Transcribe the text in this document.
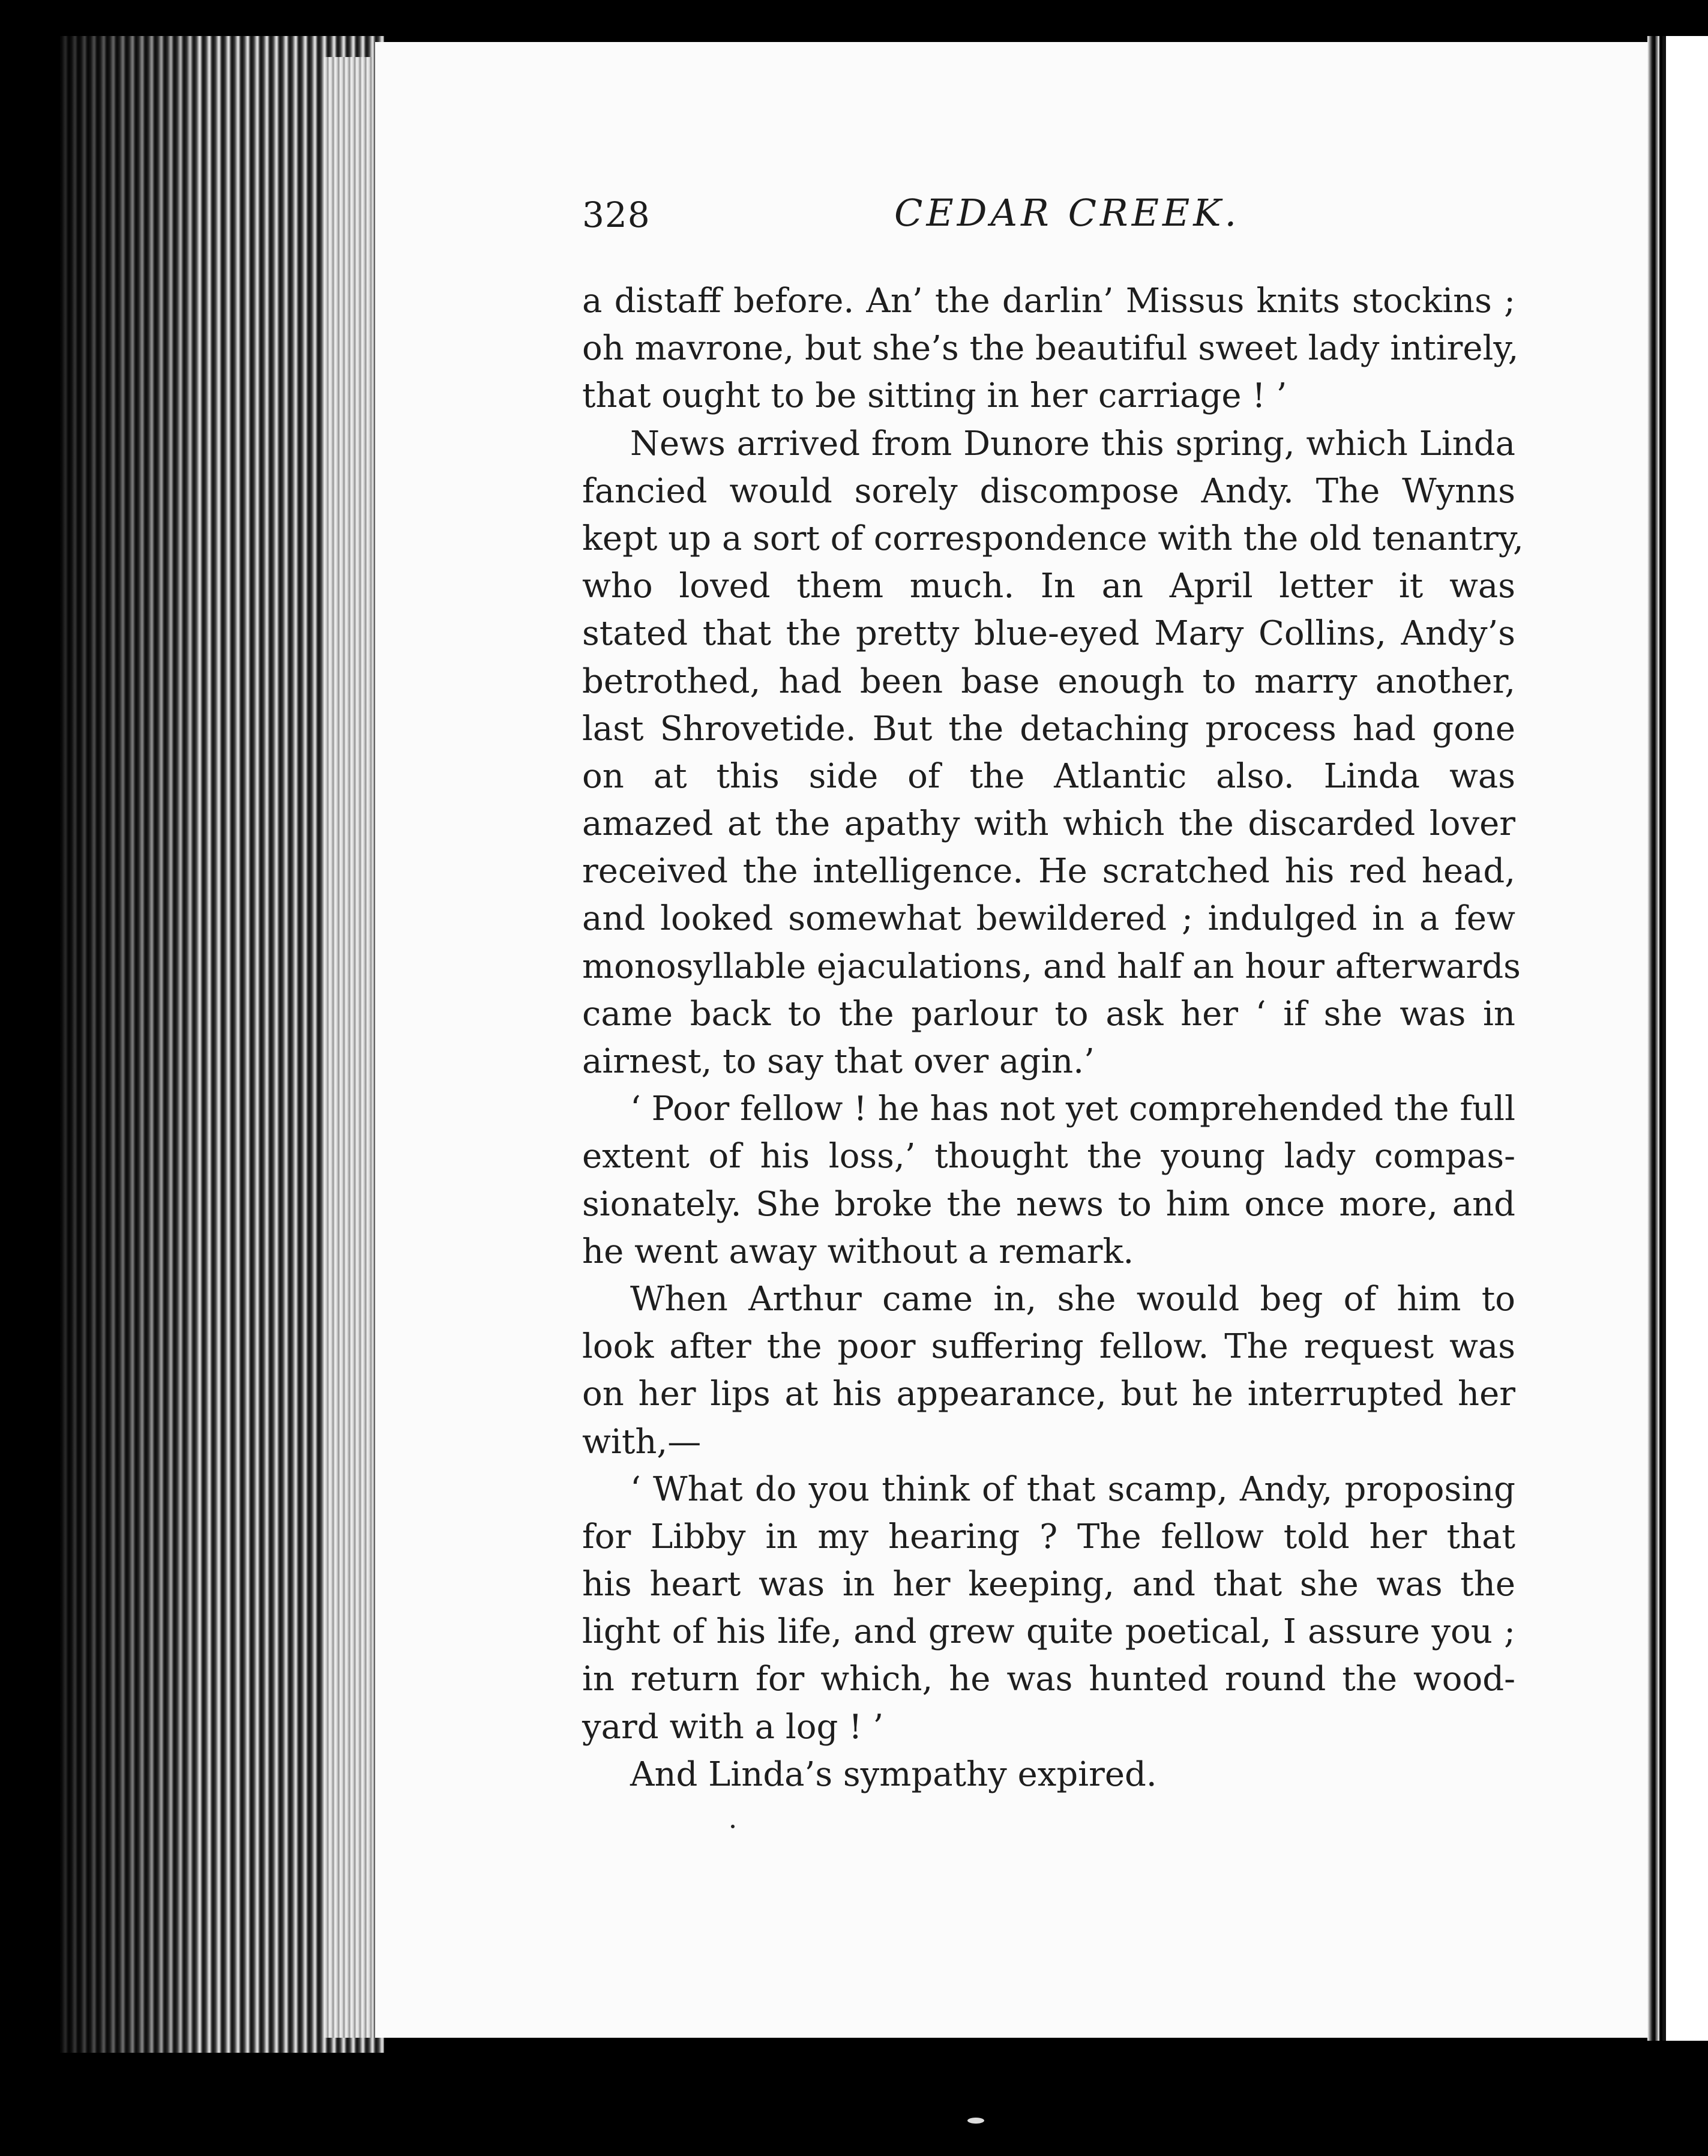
328	CEDAR CREEK.
a distaff before. An’ the darlin’ Missus knits stockins ;
oh mavrone, but she’s the beautiful sweet lady intirely,
that ought to be sitting in her carriage ! ’
News arrived from Dunore this spring, which Linda
fancied would sorely discompose Andy. The Wynns
kept up a sort of correspondence with the old tenantry,
who loved them much. In an April letter it was
stated that the pretty blue-eyed Mary Collins, Andy’s
betrothed, had been base enough to marry another,
last Shrovetide. But the detaching process had gone
on at this side of the Atlantic also. Linda was
amazed at the apathy with which the discarded lover
received the intelligence. He scratched his red head,
and looked somewhat bewildered ; indulged in a few
monosyllable ejaculations, and half an hour afterwards
came back to the parlour to ask her ‘ if she was in
airnest, to say that over agin.’
‘ Poor fellow ! he has not yet comprehended the full
extent of his loss,’ thought the young lady compas-
sionately. She broke the news to him once more, and
he went away without a remark.
When Arthur came in, she would beg of him to
look after the poor suffering fellow. The request was
on her lips at his appearance, but he interrupted her
with,—
‘ What do you think of that scamp, Andy, proposing
for Libby in my hearing ? The fellow told her that
his heart was in her keeping, and that she was the
light of his life, and grew quite poetical, I assure you ;
in return for which, he was hunted round the wood-
yard with a log ! ’
And Linda’s sympathy expired.
